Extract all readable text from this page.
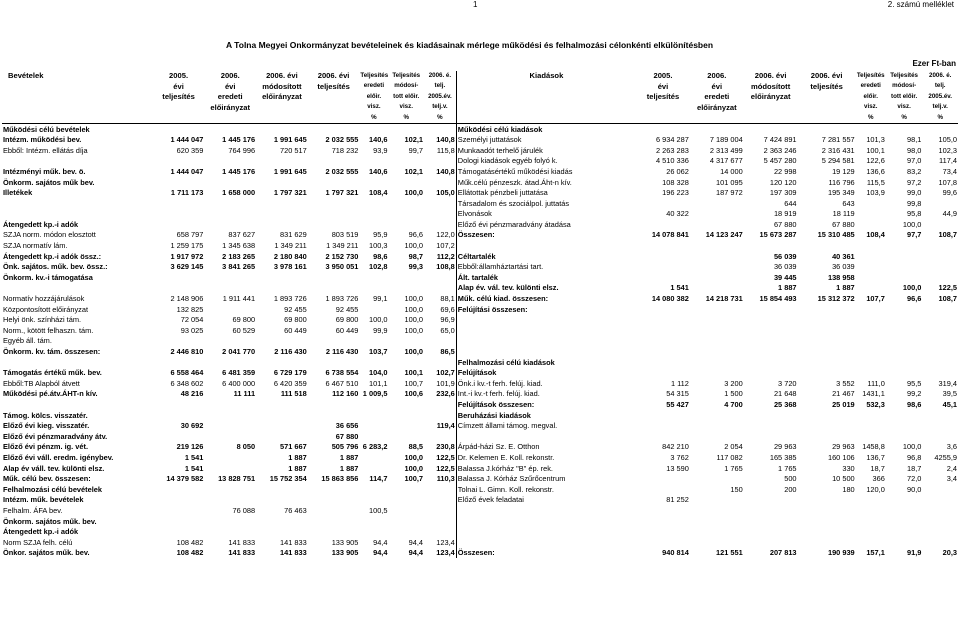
1	2. számú melléklet
A Tolna Megyei Onkormányzat bevételeinek és kiadásainak mérlege működési és felhalmozási célonkénti elkülönítésben
Ezer Ft-ban
Bevételek	2005.	2006.	2006. évi	2006. évi	Teljesítés	Teljesítés	2006. é.	Kiadások	2005.	2006.	2006. évi	2006. évi	Teljesítés	Teljesítés	2006. é.
	évi	évi	módosított	teljesítés	eredeti	módosí-	telj.		évi	évi	módosított	teljesítés	eredeti	módosí-	telj.
	teljesítés	eredeti	előirányzat		előir.	tott előir.	2005.év.		teljesítés	eredeti	előirányzat		előir.	tott előir.	2005.év.
		előirányzat			visz.	visz.	telj.v.			előirányzat			visz.	visz.	telj.v.
					%	%	%						%	%	%
Működési célú bevételek								Működési célú kiadások							
Intézm. működési bev.	1 444 047	1 445 176	1 991 645	2 032 555	140,6	102,1	140,8	Személyi juttatások	6 934 287	7 189 004	7 424 891	7 281 557	101,3	98,1	105,0
Ebből: Intézm. ellátás díja	620 359	764 996	720 517	718 232	93,9	99,7	115,8	Munkaadót terhelő járulék	2 263 283	2 313 499	2 363 246	2 316 431	100,1	98,0	102,3
								Dologi kiadások egyéb folyó k.	4 510 336	4 317 677	5 457 280	5 294 581	122,6	97,0	117,4
Intézményi műk. bev. ö.	1 444 047	1 445 176	1 991 645	2 032 555	140,6	102,1	140,8	Támogatásértékű működési kiadás	26 062	14 000	22 998	19 129	136,6	83,2	73,4
Önkorm. sajátos műk bev.								Műk.célú pénzeszk. átad.Áht-n kív.	108 328	101 095	120 120	116 796	115,5	97,2	107,8
Illetékek	1 711 173	1 658 000	1 797 321	1 797 321	108,4	100,0	105,0	Ellátottak pénzbeli juttatása	196 223	187 972	197 309	195 349	103,9	99,0	99,6
								Társadalom és szociálpol. juttatás			644	643		99,8	
								Elvonások	40 322		18 919	18 119		95,8	44,9
Átengedett kp.-i adók								Előző évi pénzmaradvány átadása			67 880	67 880		100,0	
SZJA norm. módon elosztott	658 797	837 627	831 629	803 519	95,9	96,6	122,0	Összesen:	14 078 841	14 123 247	15 673 287	15 310 485	108,4	97,7	108,7
SZJA normatív lám.	1 259 175	1 345 638	1 349 211	1 349 211	100,3	100,0	107,2								
Átengedett kp.-i adók össz.:	1 917 972	2 183 265	2 180 840	2 152 730	98,6	98,7	112,2	Céltartalék			56 039	40 361			
Önk. sajátos. műk. bev. össz.:	3 629 145	3 841 265	3 978 161	3 950 051	102,8	99,3	108,8	Ebből:államháztartási tart.			36 039	36 039			
Önkorm. kv.-i támogatása								Ált. tartalék			39 445	138 958			
								Alap év. vál. tev. különti elsz.	1 541		1 887	1 887		100,0	122,5
Normatív hozzájárulások	2 148 906	1 911 441	1 893 726	1 893 726	99,1	100,0	88,1	Műk. célú kiad. összesen:	14 080 382	14 218 731	15 854 493	15 312 372	107,7	96,6	108,7
Központosított előirányzat	132 825		92 455	92 455		100,0	69,6	Felújítási összesen:							
Helyi önk. színházi tám.	72 054	69 800	69 800	69 800	100,0	100,0	96,9								
Norm., kötött felhaszn. tám.	93 025	60 529	60 449	60 449	99,9	100,0	65,0								
Egyéb áll. tám.															
Önkorm. kv. tám. összesen:	2 446 810	2 041 770	2 116 430	2 116 430	103,7	100,0	86,5								
								Felhalmozási célú kiadások							
Támogatás értékű műk. bev.	6 558 464	6 481 359	6 729 179	6 738 554	104,0	100,1	102,7	Felújítások							
Ebből:TB Alapból átvett	6 348 602	6 400 000	6 420 359	6 467 510	101,1	100,7	101,9	Önk.i kv.-t ferh. felúj. kiad.	1 112	3 200	3 720	3 552	111,0	95,5	319,4
Működési pé.átv.ÁHT-n kív.	48 216	11 111	111 518	112 160	1 009,5	100,6	232,6	Int.-i kv.-t ferh. felúj. kiad.	54 315	1 500	21 648	21 467	1431,1	99,2	39,5
								Felújítások összesen:	55 427	4 700	25 368	25 019	532,3	98,6	45,1
Támog. kölcs. visszatér.								Beruházási kiadások							
Előző évi kieg. visszatér.	30 692			36 656			119,4	Címzett állami támog. megval.							
Előző évi pénzmaradvány átv.				67 880											
Előző évi pénzm. ig. vét.	219 126	8 050	571 667	505 796	6 283,2	88,5	230,8	Árpád-házi Sz. E. Otthon	842 210	2 054	29 963	29 963	1458,8	100,0	3,6
Előző évi váll. eredm. igénybev.	1 541		1 887	1 887		100,0	122,5	Dr. Kelemen E. Koll. rekonstr.	3 762	117 082	165 385	160 106	136,7	96,8	4255,9
Alap év váll. tev. különti elsz.	1 541		1 887	1 887		100,0	122,5	Balassa J.kórház "B" ép. rek.	13 590	1 765	1 765	330	18,7	18,7	2,4
Műk. célú bev. összesen:	14 379 582	13 828 751	15 752 354	15 863 856	114,7	100,7	110,3	Balassa J. Kórház Szűrőcentrum			500	10 500	366	72,0	3,4
Felhalmozási célú bevételek								Tolnai L. Gimn. Koll. rekonstr.		150	200	180	120,0	90,0	
Intézm. műk. bevételek								Előző évek feladatai	81 252						
Felhalm. ÁFA bev.		76 088	76 463		100,5										
Önkorm. sajátos műk. bev.															
Átengedett kp.-i adók															
Norm SZJA felh. célú	108 482	141 833	141 833	133 905	94,4	94,4	123,4								
Önkor. sajátos műk. bev.	108 482	141 833	141 833	133 905	94,4	94,4	123,4	Összesen:	940 814	121 551	207 813	190 939	157,1	91,9	20,3
